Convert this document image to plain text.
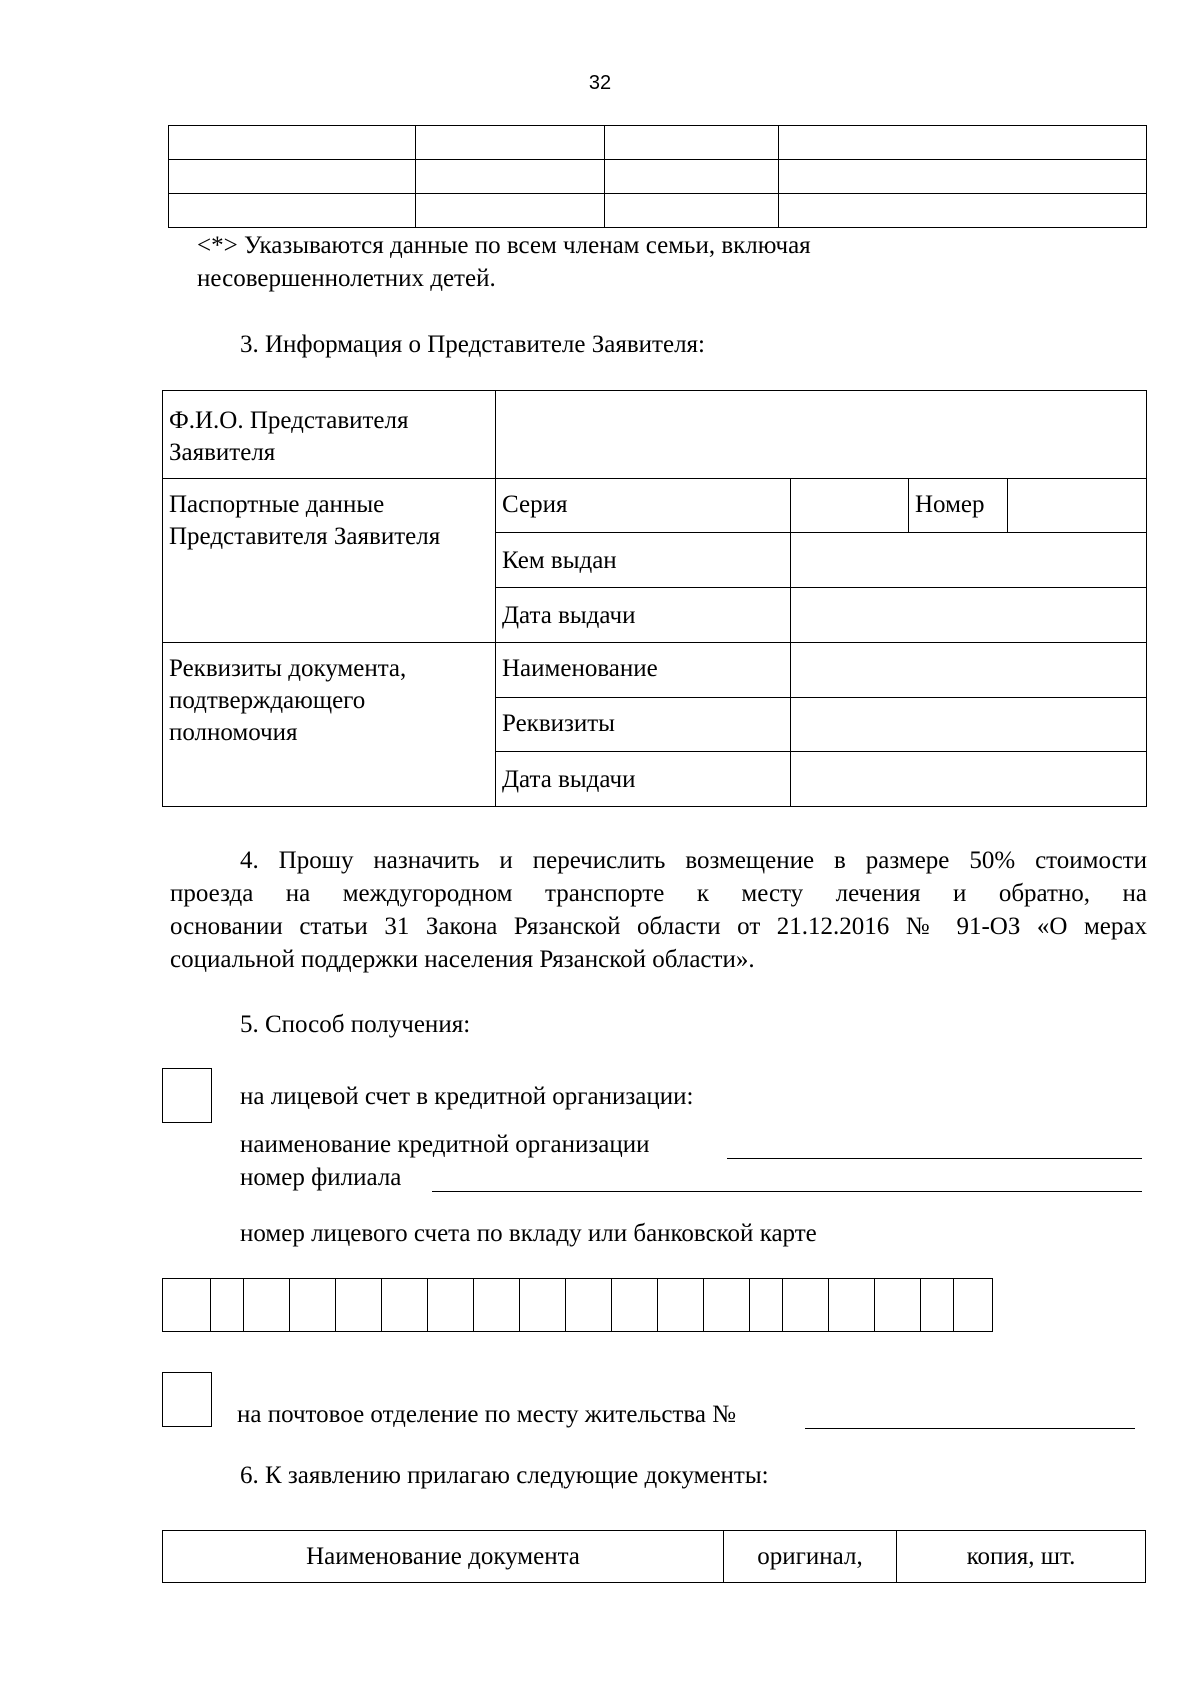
32

<*> Указываются данные по всем членам семьи, включая
несовершеннолетних детей.
3. Информация о Представителе Заявителя:
Ф.И.О. Представителя
Заявителя				

Паспортные данные
Представителя Заявителя	Серия		Номер	

	Кем выдан			

	Дата выдачи			

Реквизиты документа,
подтверждающего
полномочия	Наименование			

	Реквизиты			

	Дата выдачи			

4. Прошу назначить и перечислить возмещение в размере 50% стоимости
проезда на междугородном транспорте к месту лечения и обратно, на
основании статьи 31 Закона Рязанской области от 21.12.2016 № 91-ОЗ «О мерах
социальной поддержки населения Рязанской области».
5. Способ получения:
на лицевой счет в кредитной организации:
наименование кредитной организации
номер филиала
номер лицевого счета по вкладу или банковской карте

на почтовое отделение по месту жительства №
6. К заявлению прилагаю следующие документы:
Наименование документа	оригинал,	копия, шт.
